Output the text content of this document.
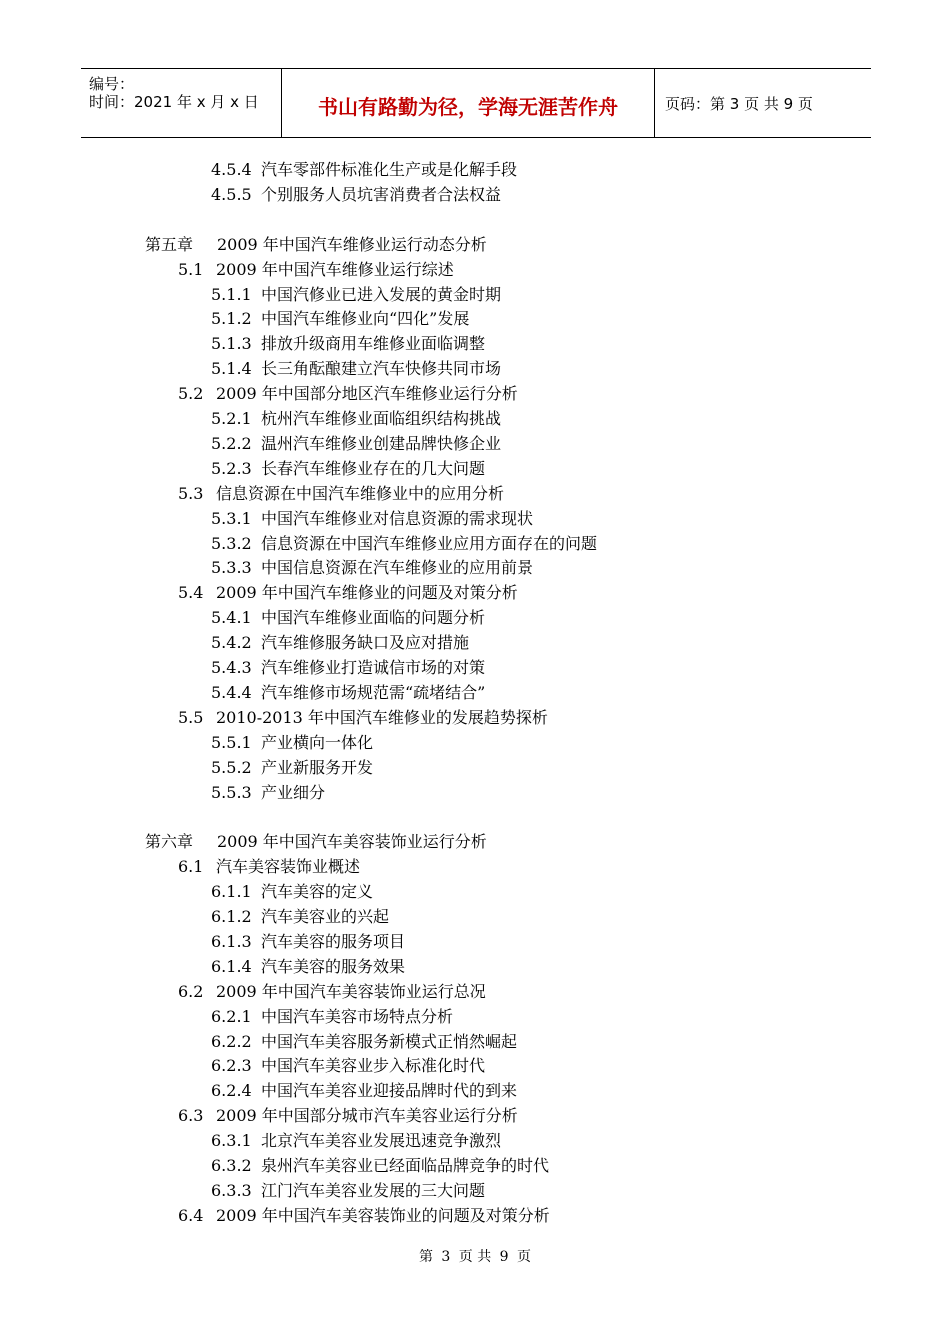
编号：
时间：2021 年 x 月 x 日	书山有路勤为径，学海无涯苦作舟	页码：第 3 页 共 9 页
4.5.4 汽车零部件标准化生产或是化解手段
4.5.5 个别服务人员坑害消费者合法权益
第五章 2009 年中国汽车维修业运行动态分析
5.1 2009 年中国汽车维修业运行综述
5.1.1 中国汽修业已进入发展的黄金时期
5.1.2 中国汽车维修业向“四化”发展
5.1.3 排放升级商用车维修业面临调整
5.1.4 长三角酝酿建立汽车快修共同市场
5.2 2009 年中国部分地区汽车维修业运行分析
5.2.1 杭州汽车维修业面临组织结构挑战
5.2.2 温州汽车维修业创建品牌快修企业
5.2.3 长春汽车维修业存在的几大问题
5.3 信息资源在中国汽车维修业中的应用分析
5.3.1 中国汽车维修业对信息资源的需求现状
5.3.2 信息资源在中国汽车维修业应用方面存在的问题
5.3.3 中国信息资源在汽车维修业的应用前景
5.4 2009 年中国汽车维修业的问题及对策分析
5.4.1 中国汽车维修业面临的问题分析
5.4.2 汽车维修服务缺口及应对措施
5.4.3 汽车维修业打造诚信市场的对策
5.4.4 汽车维修市场规范需“疏堵结合”
5.5 2010-2013 年中国汽车维修业的发展趋势探析
5.5.1 产业横向一体化
5.5.2 产业新服务开发
5.5.3 产业细分
第六章 2009 年中国汽车美容装饰业运行分析
6.1 汽车美容装饰业概述
6.1.1 汽车美容的定义
6.1.2 汽车美容业的兴起
6.1.3 汽车美容的服务项目
6.1.4 汽车美容的服务效果
6.2 2009 年中国汽车美容装饰业运行总况
6.2.1 中国汽车美容市场特点分析
6.2.2 中国汽车美容服务新模式正悄然崛起
6.2.3 中国汽车美容业步入标准化时代
6.2.4 中国汽车美容业迎接品牌时代的到来
6.3 2009 年中国部分城市汽车美容业运行分析
6.3.1 北京汽车美容业发展迅速竞争激烈
6.3.2 泉州汽车美容业已经面临品牌竞争的时代
6.3.3 江门汽车美容业发展的三大问题
6.4 2009 年中国汽车美容装饰业的问题及对策分析
第 3 页 共 9 页
